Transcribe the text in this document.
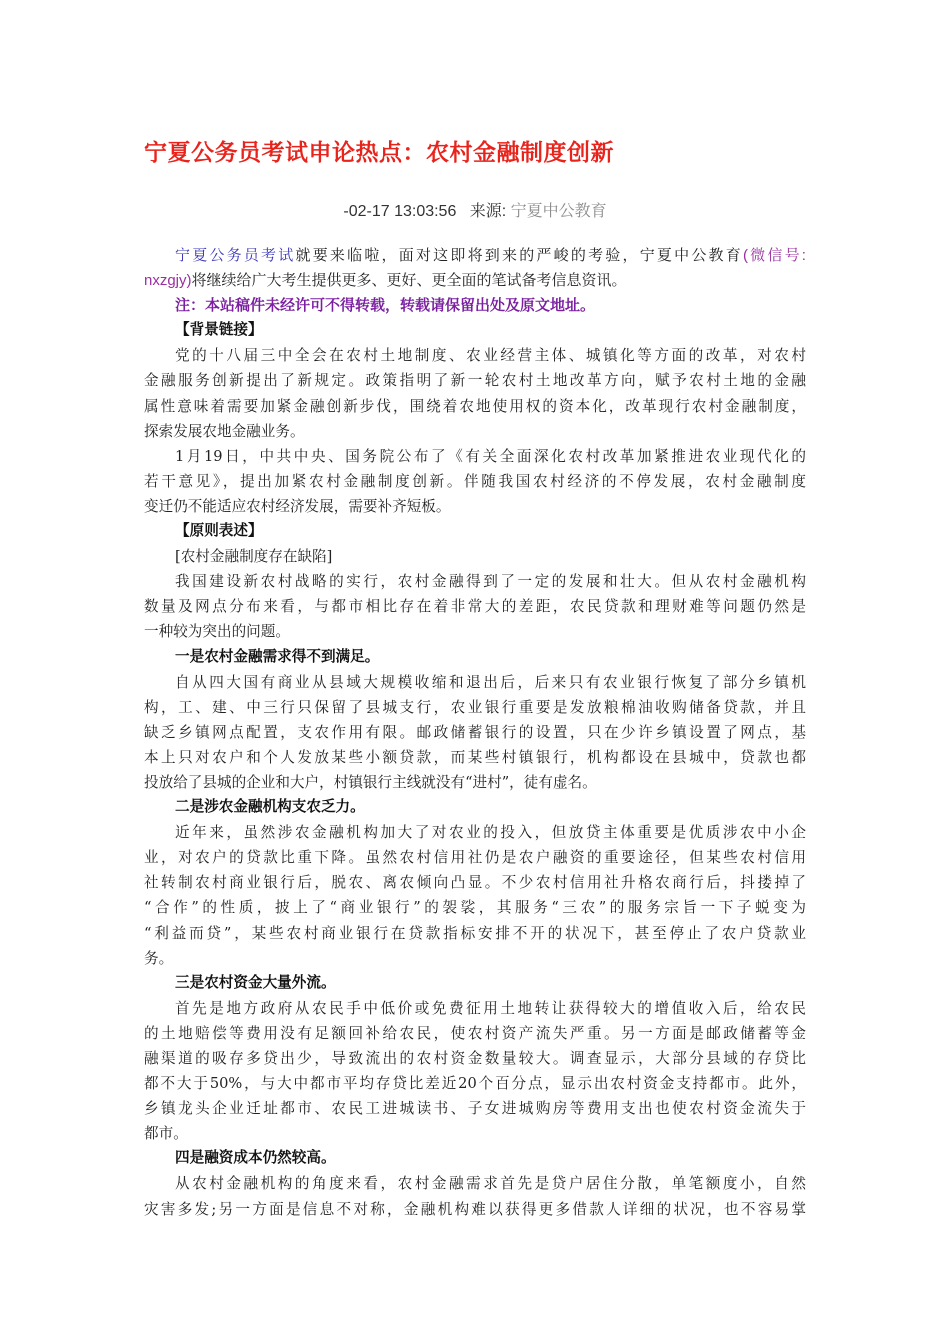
宁夏公务员考试申论热点：农村金融制度创新
-02-17 13:03:56 来源: 宁夏中公教育
宁夏公务员考试就要来临啦，面对这即将到来的严峻的考验，宁夏中公教育(微信号:
nxzgjy)将继续给广大考生提供更多、更好、更全面的笔试备考信息资讯。
注：本站稿件未经许可不得转载，转载请保留出处及原文地址。
【背景链接】
党的十八届三中全会在农村土地制度、农业经营主体、城镇化等方面的改革，对农村
金融服务创新提出了新规定。政策指明了新一轮农村土地改革方向，赋予农村土地的金融
属性意味着需要加紧金融创新步伐，围绕着农地使用权的资本化，改革现行农村金融制度，
探索发展农地金融业务。
1月19日，中共中央、国务院公布了《有关全面深化农村改革加紧推进农业现代化的
若干意见》，提出加紧农村金融制度创新。伴随我国农村经济的不停发展，农村金融制度
变迁仍不能适应农村经济发展，需要补齐短板。
【原则表述】
[农村金融制度存在缺陷]
我国建设新农村战略的实行，农村金融得到了一定的发展和壮大。但从农村金融机构
数量及网点分布来看，与都市相比存在着非常大的差距，农民贷款和理财难等问题仍然是
一种较为突出的问题。
一是农村金融需求得不到满足。
自从四大国有商业从县域大规模收缩和退出后，后来只有农业银行恢复了部分乡镇机
构，工、建、中三行只保留了县城支行，农业银行重要是发放粮棉油收购储备贷款，并且
缺乏乡镇网点配置，支农作用有限。邮政储蓄银行的设置，只在少许乡镇设置了网点，基
本上只对农户和个人发放某些小额贷款，而某些村镇银行，机构都设在县城中，贷款也都
投放给了县城的企业和大户，村镇银行主线就没有“进村”，徒有虚名。
二是涉农金融机构支农乏力。
近年来，虽然涉农金融机构加大了对农业的投入，但放贷主体重要是优质涉农中小企
业，对农户的贷款比重下降。虽然农村信用社仍是农户融资的重要途径，但某些农村信用
社转制农村商业银行后，脱农、离农倾向凸显。不少农村信用社升格农商行后，抖搂掉了
“合作”的性质，披上了“商业银行”的袈裟，其服务“三农”的服务宗旨一下子蜕变为
“利益而贷”，某些农村商业银行在贷款指标安排不开的状况下，甚至停止了农户贷款业
务。
三是农村资金大量外流。
首先是地方政府从农民手中低价或免费征用土地转让获得较大的增值收入后，给农民
的土地赔偿等费用没有足额回补给农民，使农村资产流失严重。另一方面是邮政储蓄等金
融渠道的吸存多贷出少，导致流出的农村资金数量较大。调查显示，大部分县域的存贷比
都不大于50%，与大中都市平均存贷比差近20个百分点，显示出农村资金支持都市。此外，
乡镇龙头企业迁址都市、农民工进城读书、子女进城购房等费用支出也使农村资金流失于
都市。
四是融资成本仍然较高。
从农村金融机构的角度来看，农村金融需求首先是贷户居住分散，单笔额度小，自然
灾害多发;另一方面是信息不对称，金融机构难以获得更多借款人详细的状况，也不容易掌
